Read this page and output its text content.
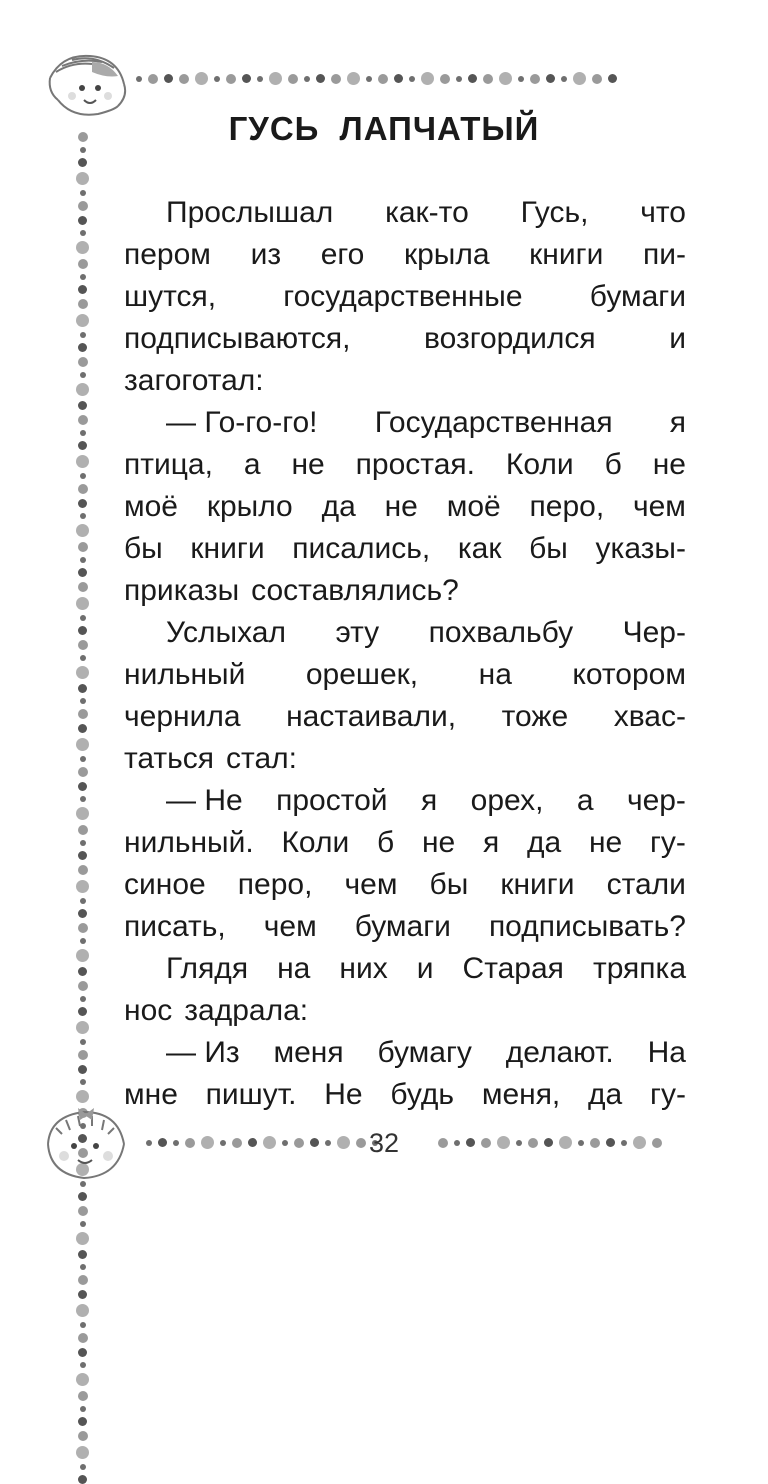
32
ГУСЬ ЛАПЧАТЫЙ
Прослышал как-то Гусь, что
пером из его крыла книги пи-
шутся, государственные бумаги
подписываются, возгордился и
загоготал:
— Го-го-го! Государственная я
птица, а не простая. Коли б не
моё крыло да не моё перо, чем
бы книги писались, как бы указы-
приказы составлялись?
Услыхал эту похвальбу Чер-
нильный орешек, на котором
чернила настаивали, тоже хвас-
таться стал:
— Не простой я орех, а чер-
нильный. Коли б не я да не гу-
синое перо, чем бы книги стали
писать, чем бумаги подписывать?
Глядя на них и Старая тряпка
нос задрала:
— Из меня бумагу делают. На
мне пишут. Не будь меня, да гу-
